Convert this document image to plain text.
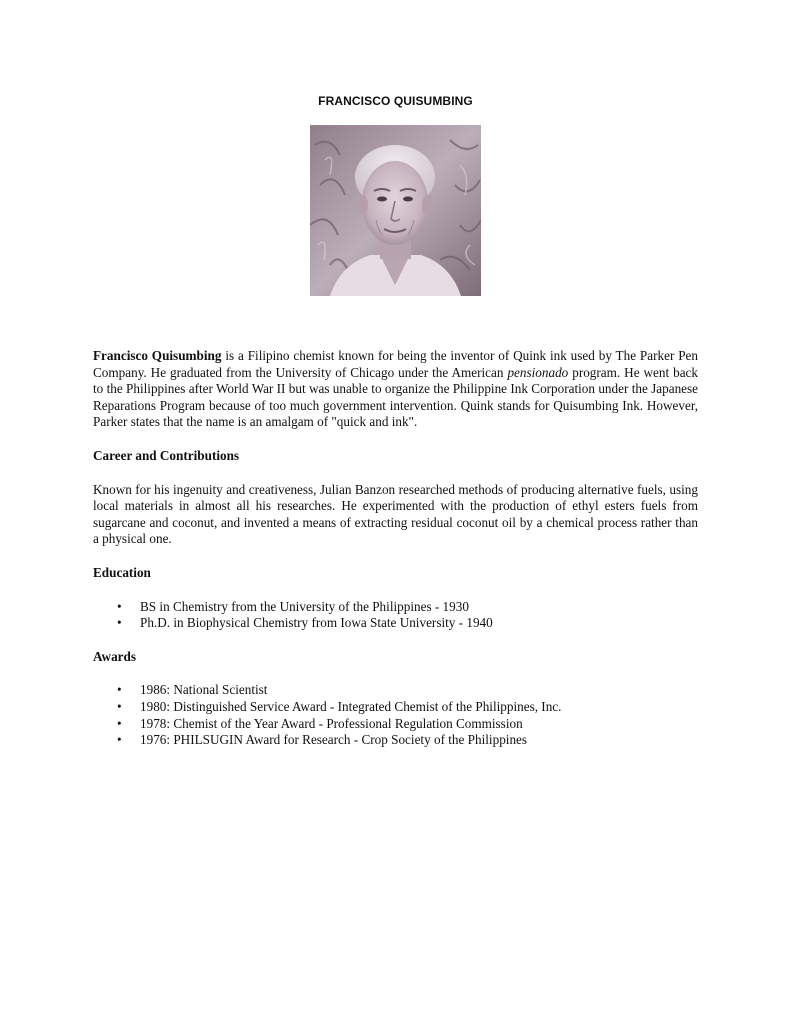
FRANCISCO QUISUMBING

Francisco Quisumbing is a Filipino chemist known for being the inventor of Quink ink used by The Parker Pen Company. He graduated from the University of Chicago under the American pensionado program. He went back to the Philippines after World War II but was unable to organize the Philippine Ink Corporation under the Japanese Reparations Program because of too much government intervention. Quink stands for Quisumbing Ink. However, Parker states that the name is an amalgam of "quick and ink".

Career and Contributions

Known for his ingenuity and creativeness, Julian Banzon researched methods of producing alternative fuels, using local materials in almost all his researches. He experimented with the production of ethyl esters fuels from sugarcane and coconut, and invented a means of extracting residual coconut oil by a chemical process rather than a physical one.

Education

• BS in Chemistry from the University of the Philippines - 1930
• Ph.D. in Biophysical Chemistry from Iowa State University - 1940

Awards

• 1986: National Scientist
• 1980: Distinguished Service Award - Integrated Chemist of the Philippines, Inc.
• 1978: Chemist of the Year Award - Professional Regulation Commission
• 1976: PHILSUGIN Award for Research - Crop Society of the Philippines
